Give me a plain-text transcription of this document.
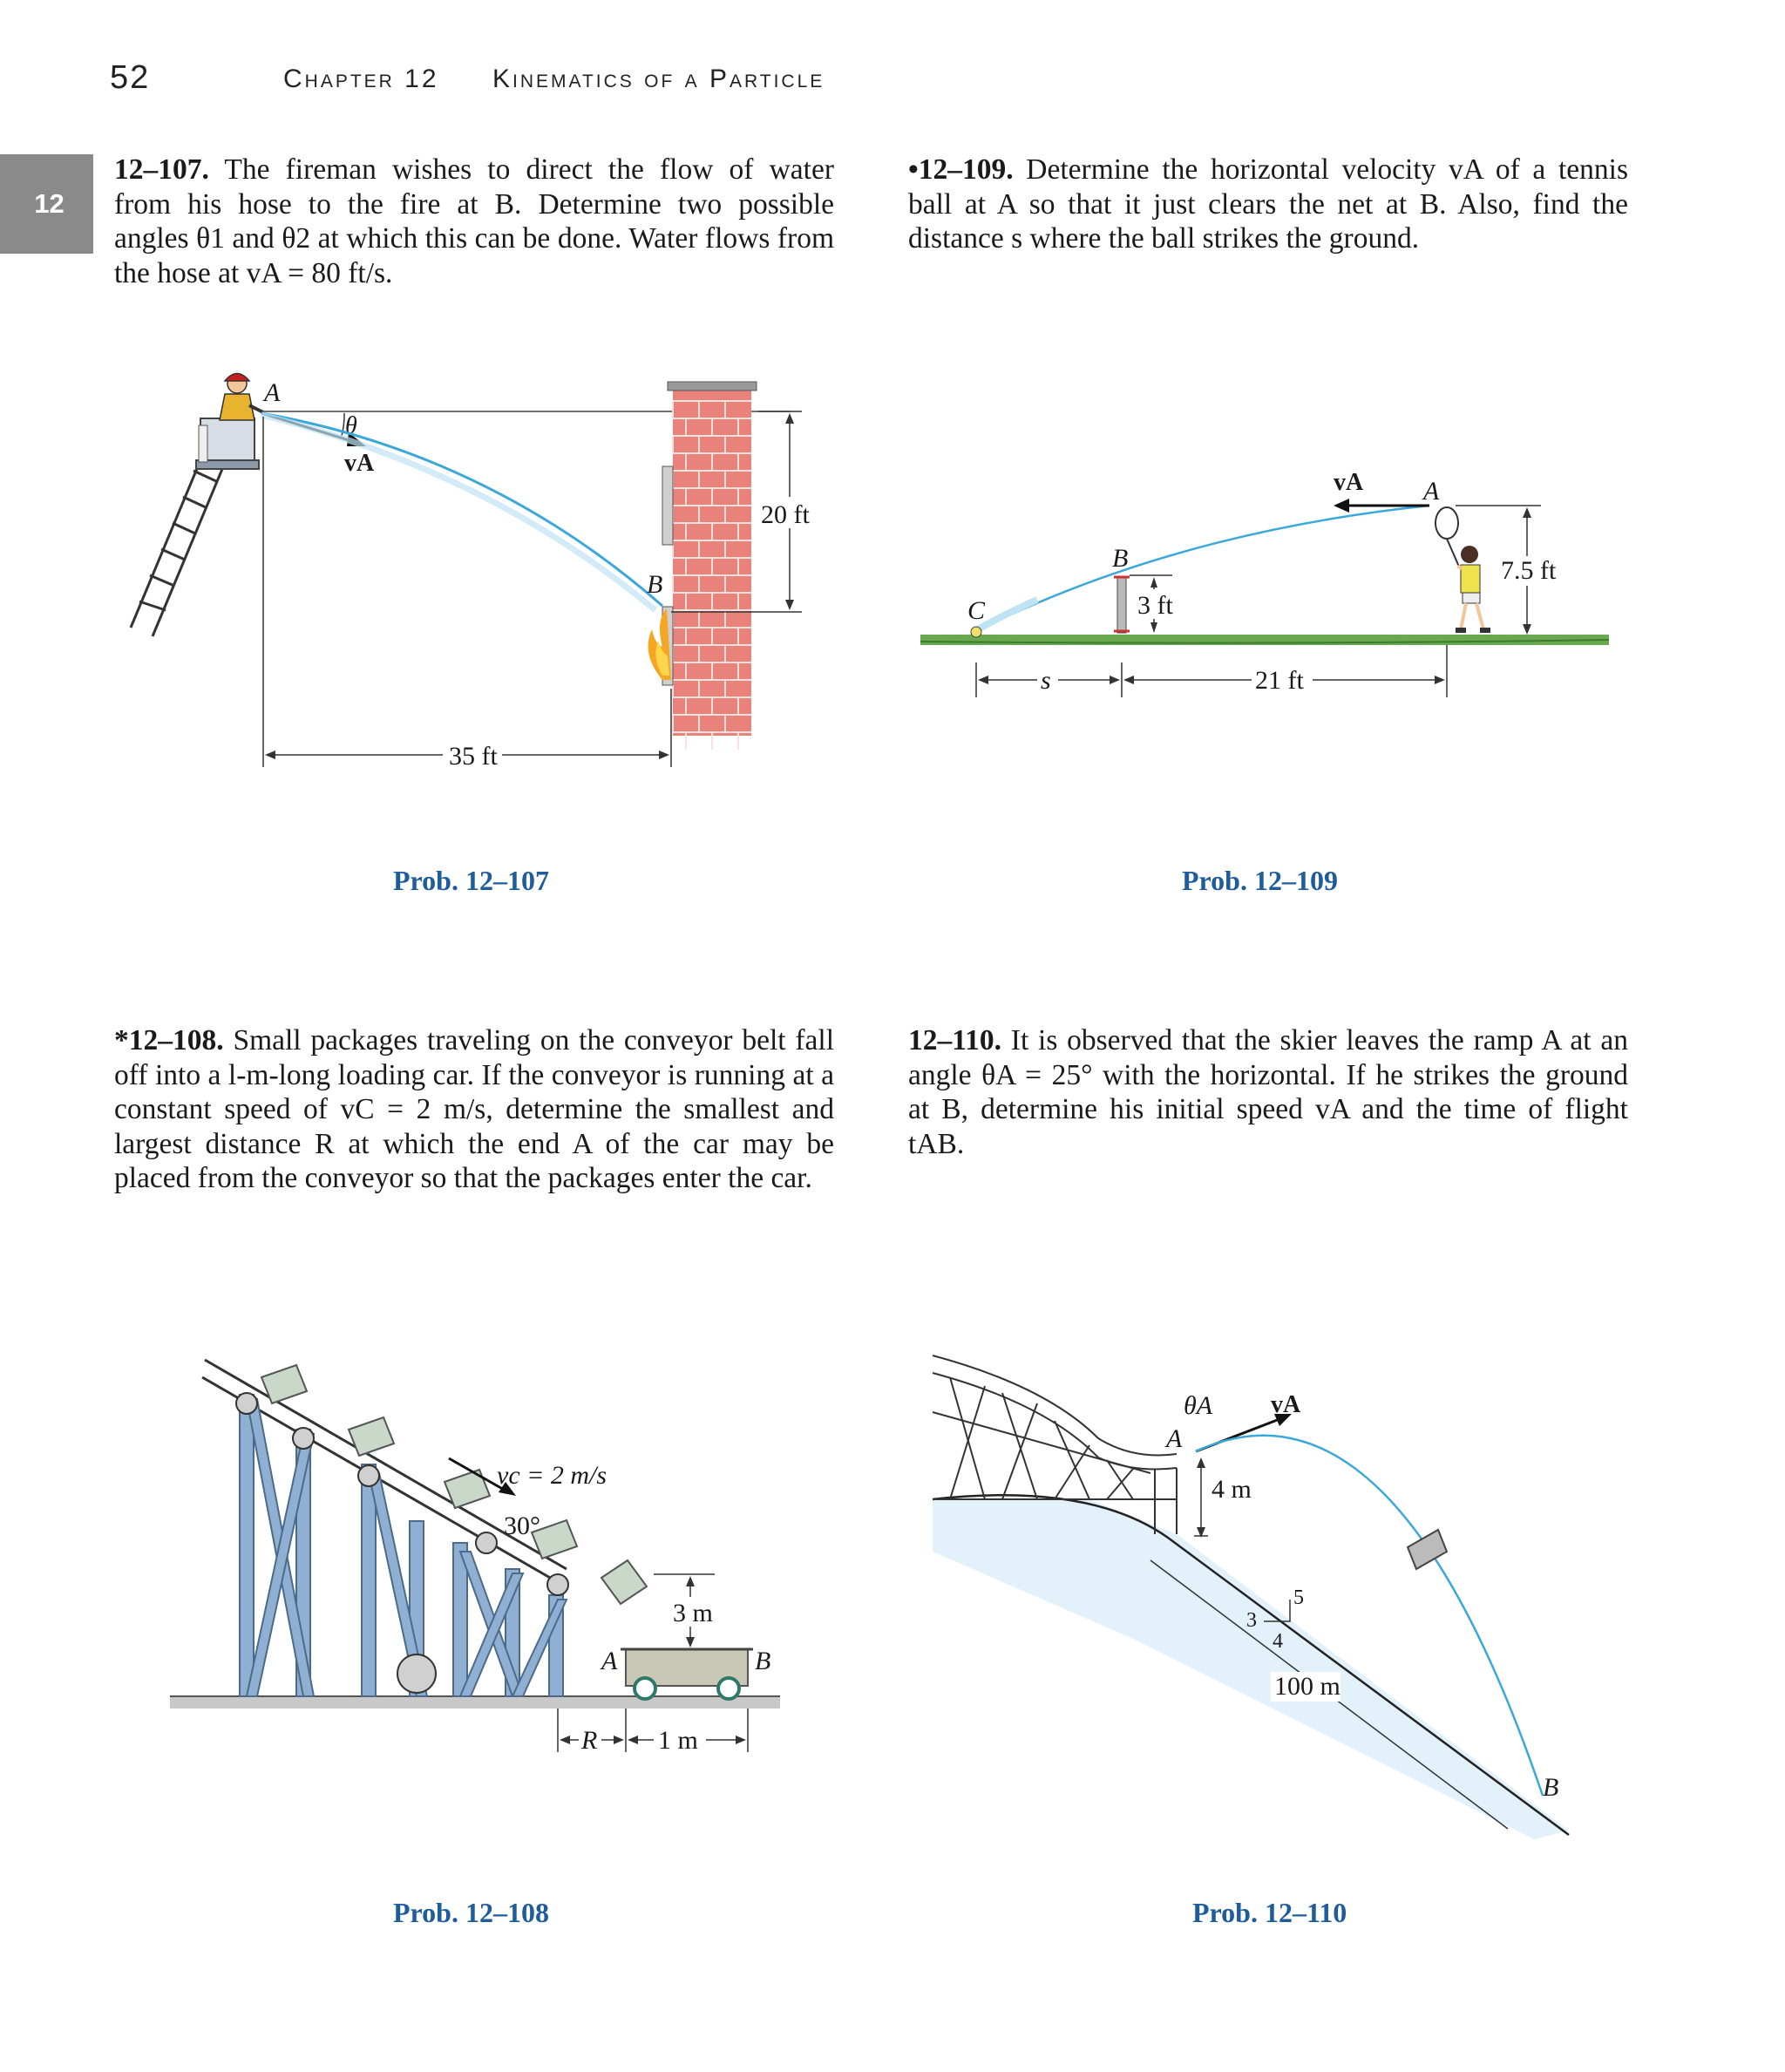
52	Chapter 12 Kinematics of a Particle
12
12–107. The fireman wishes to direct the flow of water
from his hose to the fire at B. Determine two possible
angles θ1 and θ2 at which this can be done. Water flows from
the hose at vA = 80 ft/s.
•12–109. Determine the horizontal velocity vA of a tennis
ball at A so that it just clears the net at B. Also, find the
distance s where the ball strikes the ground.
*12–108. Small packages traveling on the conveyor belt fall
off into a l-m-long loading car. If the conveyor is running at a
constant speed of vC = 2 m/s, determine the smallest and
largest distance R at which the end A of the car may be
placed from the conveyor so that the packages enter the car.
12–110. It is observed that the skier leaves the ramp A at an
angle θA = 25° with the horizontal. If he strikes the ground
at B, determine his initial speed vA and the time of flight tAB.
A
θ
vA
B
20 ft
35 ft
Prob. 12–107
C
B
3 ft
A
vA
7.5 ft
s	21 ft
Prob. 12–109
vc = 2 m/s
30°
A	B
3 m
R 1 m
Prob. 12–108
A
θA vA
B
4 m
3
4
5
100 m
Prob. 12–110
